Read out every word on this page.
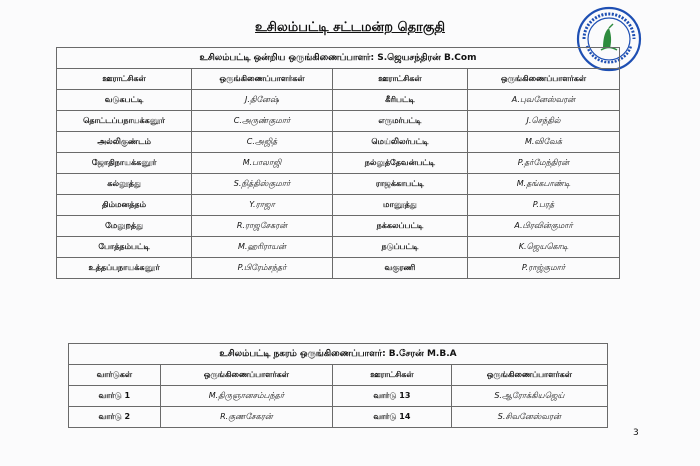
உசிலம்பட்டி சட்டமன்ற தொகுதி
உசிலம்பட்டி ஒன்றிய ஒருங்கிணைப்பாளர்: S.ஜெயசந்திரன் B.Com			
ஊராட்சிகள்	ஒருங்கிணைப்பாளர்கள்	ஊராட்சிகள்	ஒருங்கிணைப்பாளர்கள்
வடுகபட்டி	J.தினேஷ்	கீரிபட்டி	A.புவனேஸ்வரன்
தொட்டப்பநாயக்கனூர்	C.அருண்குமார்	எருமர்பட்டி	J.செந்தில்
அல்லிகுண்டம்	C.அஜித்	மெய்லிலர்பட்டி	M.விவேக்
ஜோதிநாயக்கனூர்	M.பாலாஜி	நல்லுத்தேவன்பட்டி	P.தர்மேந்திரன்
கல்லூத்து	S.நித்திஸ்குமார்	ராஜக்காபட்டி	M.தங்கபாண்டி
திம்மனத்தம்	Y.ராஜா	மானூத்து	P.பரத்
மேலுறத்து	R.ராஜசேகரன்	நக்கலப்பட்டி	A.பிரவின்குமார்
போத்தம்பட்டி	M.ஹரிராயன்	நடுப்பட்டி	K.ஜெயகொடி
உத்தப்பநாயக்கனூர்	P.பிரேம்சந்தர்	வகுரணி	P.ராஜ்குமார்
உசிலம்பட்டி நகரம் ஒருங்கிணைப்பாளர்: B.சேரன் M.B.A			
வார்டுகள்	ஒருங்கிணைப்பாளர்கள்	ஊராட்சிகள்	ஒருங்கிணைப்பாளர்கள்
வார்டு 1	M.திருஞானசம்பந்தர்	வார்டு 13	S.ஆரோக்கியஜெய்
வார்டு 2	R.குணசேகரன்	வார்டு 14	S.சிவனேஸ்வரன்
3
